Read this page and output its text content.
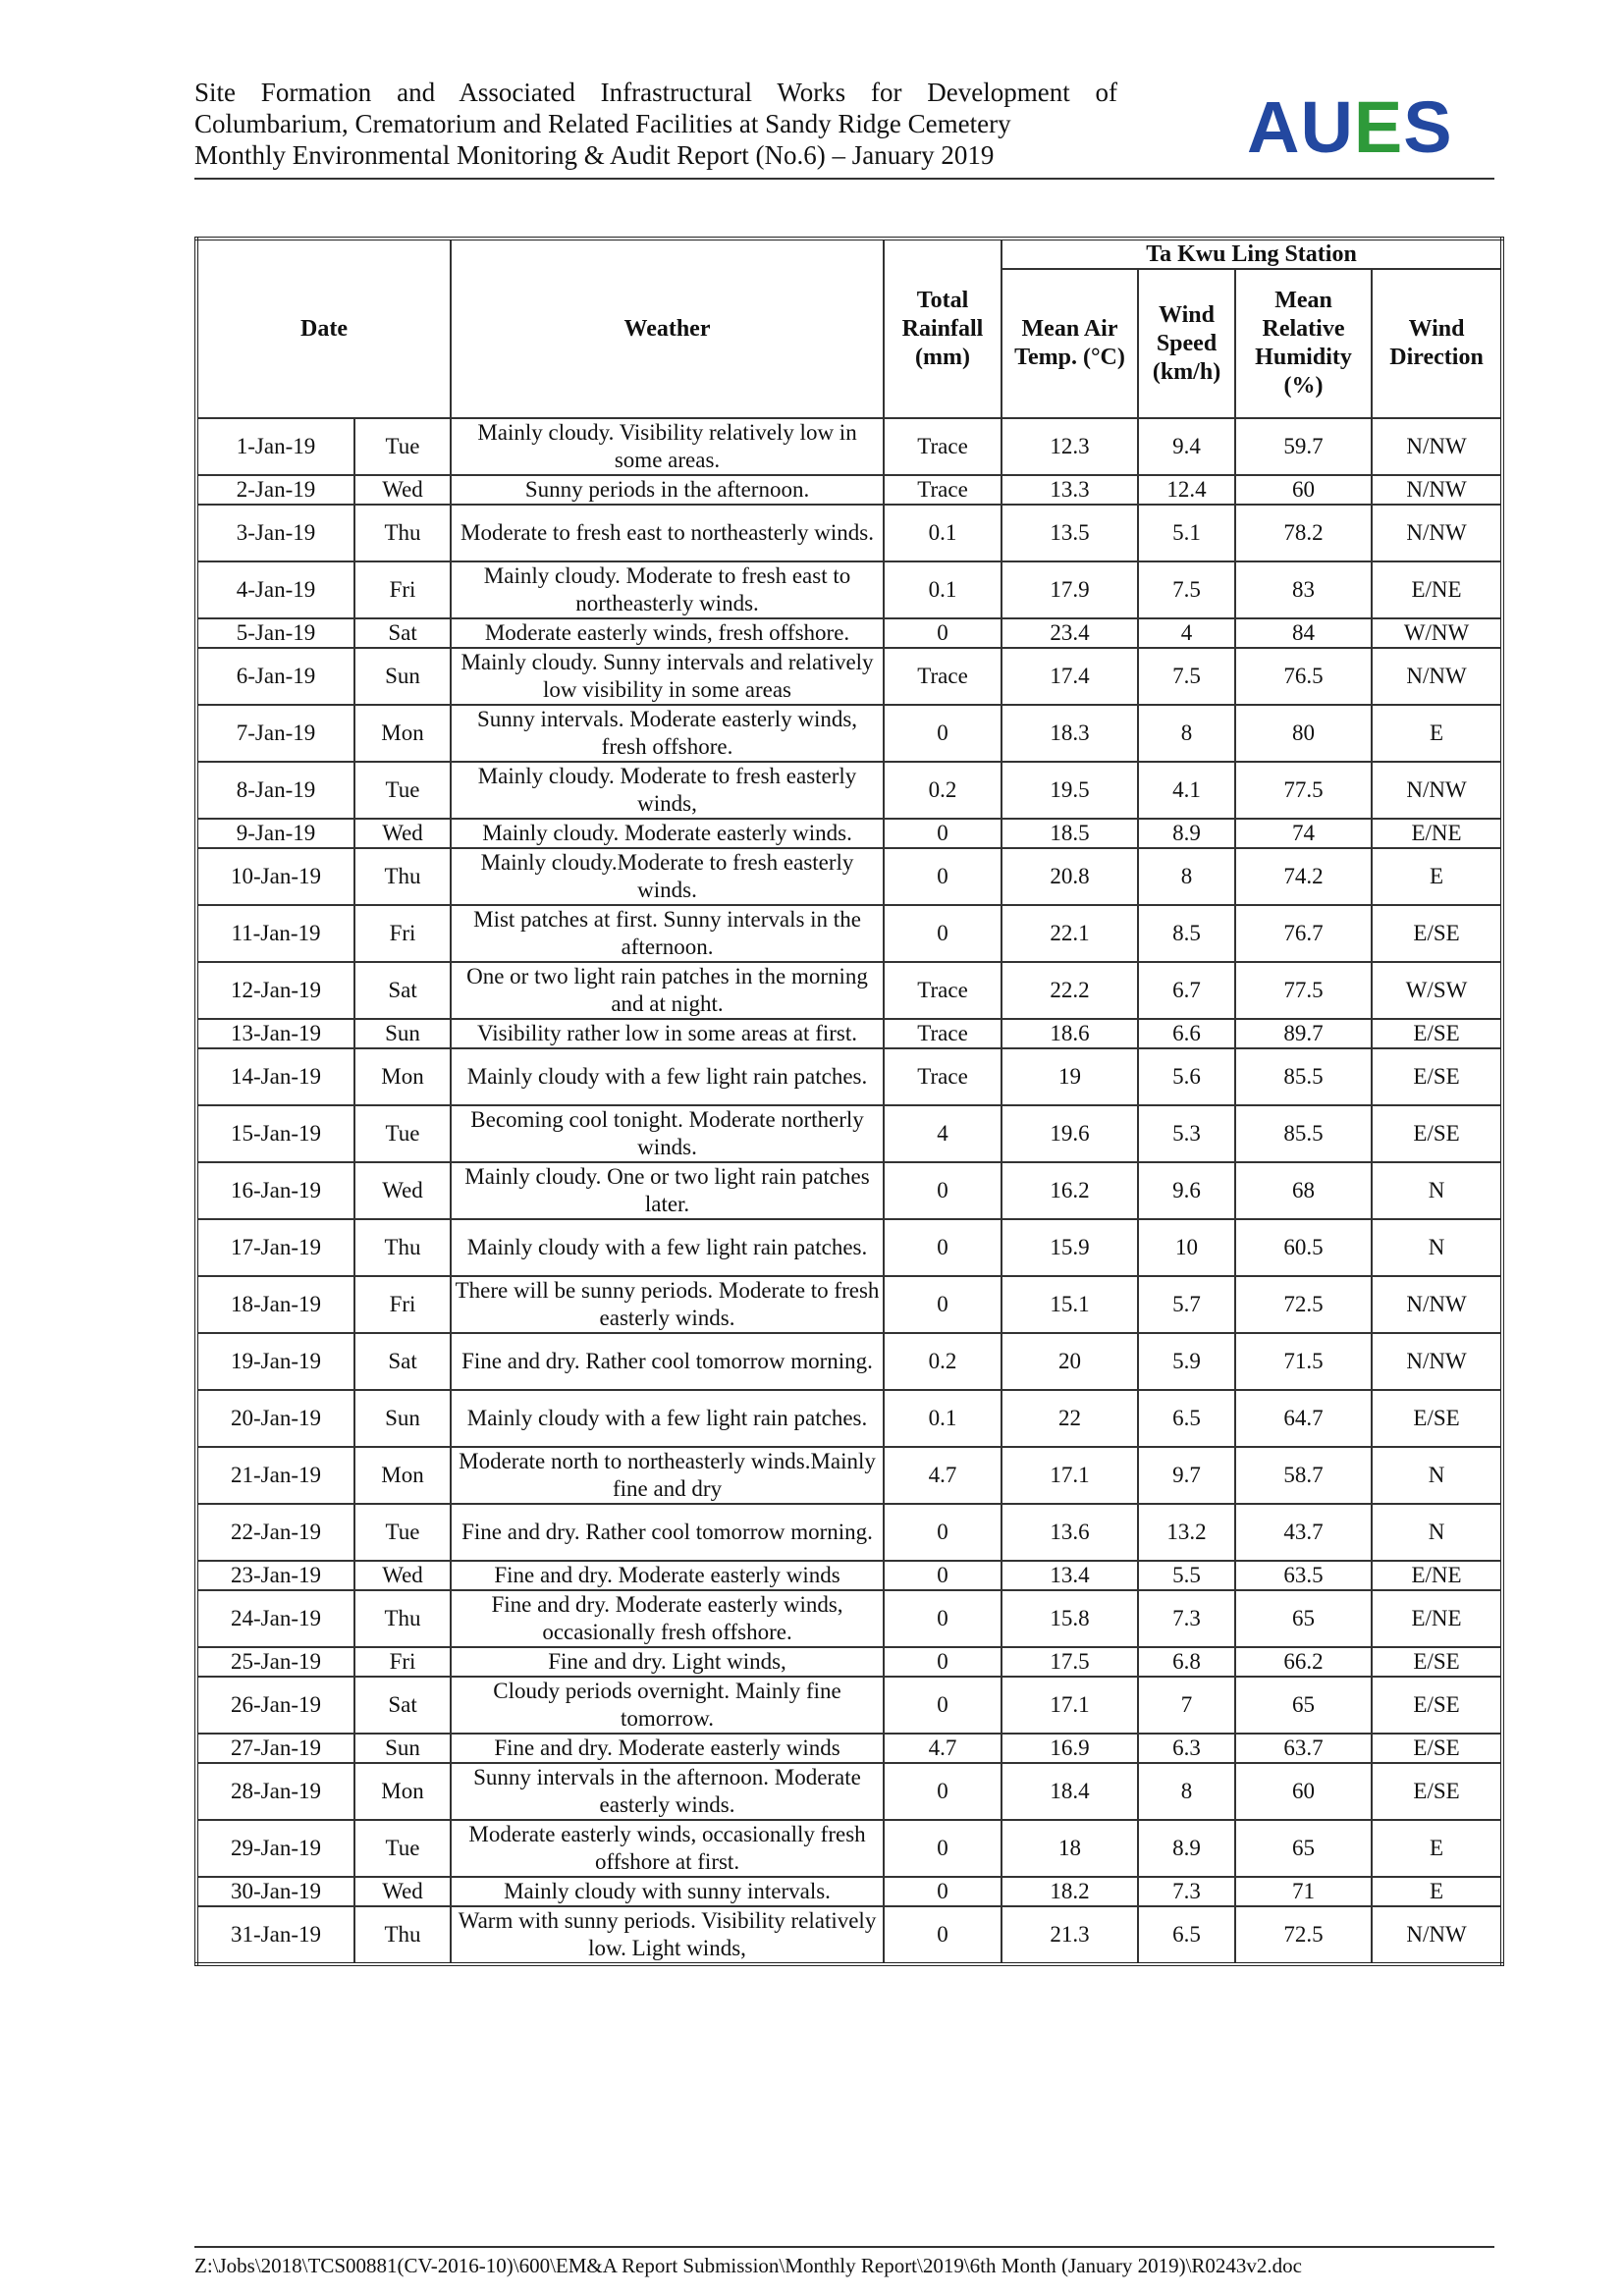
Site Formation and Associated Infrastructural Works for Development of
Columbarium, Crematorium and Related Facilities at Sandy Ridge Cemetery
Monthly Environmental Monitoring & Audit Report (No.6) – January 2019	AUES
Date		Weather	Total Rainfall (mm)	Ta Kwu Ling Station			
				Mean Air Temp. (°C)	Wind Speed (km/h)	Mean Relative Humidity (%)	Wind Direction
1-Jan-19	Tue	Mainly cloudy. Visibility relatively low in some areas.	Trace	12.3	9.4	59.7	N/NW
2-Jan-19	Wed	Sunny periods in the afternoon.	Trace	13.3	12.4	60	N/NW
3-Jan-19	Thu	Moderate to fresh east to northeasterly winds.	0.1	13.5	5.1	78.2	N/NW
4-Jan-19	Fri	Mainly cloudy. Moderate to fresh east to northeasterly winds.	0.1	17.9	7.5	83	E/NE
5-Jan-19	Sat	Moderate easterly winds, fresh offshore.	0	23.4	4	84	W/NW
6-Jan-19	Sun	Mainly cloudy. Sunny intervals and relatively low visibility in some areas	Trace	17.4	7.5	76.5	N/NW
7-Jan-19	Mon	Sunny intervals. Moderate easterly winds, fresh offshore.	0	18.3	8	80	E
8-Jan-19	Tue	Mainly cloudy. Moderate to fresh easterly winds,	0.2	19.5	4.1	77.5	N/NW
9-Jan-19	Wed	Mainly cloudy. Moderate easterly winds.	0	18.5	8.9	74	E/NE
10-Jan-19	Thu	Mainly cloudy.Moderate to fresh easterly winds.	0	20.8	8	74.2	E
11-Jan-19	Fri	Mist patches at first. Sunny intervals in the afternoon.	0	22.1	8.5	76.7	E/SE
12-Jan-19	Sat	One or two light rain patches in the morning and at night.	Trace	22.2	6.7	77.5	W/SW
13-Jan-19	Sun	Visibility rather low in some areas at first.	Trace	18.6	6.6	89.7	E/SE
14-Jan-19	Mon	Mainly cloudy with a few light rain patches.	Trace	19	5.6	85.5	E/SE
15-Jan-19	Tue	Becoming cool tonight. Moderate northerly winds.	4	19.6	5.3	85.5	E/SE
16-Jan-19	Wed	Mainly cloudy. One or two light rain patches later.	0	16.2	9.6	68	N
17-Jan-19	Thu	Mainly cloudy with a few light rain patches.	0	15.9	10	60.5	N
18-Jan-19	Fri	There will be sunny periods. Moderate to fresh easterly winds.	0	15.1	5.7	72.5	N/NW
19-Jan-19	Sat	Fine and dry. Rather cool tomorrow morning.	0.2	20	5.9	71.5	N/NW
20-Jan-19	Sun	Mainly cloudy with a few light rain patches.	0.1	22	6.5	64.7	E/SE
21-Jan-19	Mon	Moderate north to northeasterly winds.Mainly fine and dry	4.7	17.1	9.7	58.7	N
22-Jan-19	Tue	Fine and dry. Rather cool tomorrow morning.	0	13.6	13.2	43.7	N
23-Jan-19	Wed	Fine and dry. Moderate easterly winds	0	13.4	5.5	63.5	E/NE
24-Jan-19	Thu	Fine and dry. Moderate easterly winds, occasionally fresh offshore.	0	15.8	7.3	65	E/NE
25-Jan-19	Fri	Fine and dry. Light winds,	0	17.5	6.8	66.2	E/SE
26-Jan-19	Sat	Cloudy periods overnight. Mainly fine tomorrow.	0	17.1	7	65	E/SE
27-Jan-19	Sun	Fine and dry. Moderate easterly winds	4.7	16.9	6.3	63.7	E/SE
28-Jan-19	Mon	Sunny intervals in the afternoon. Moderate easterly winds.	0	18.4	8	60	E/SE
29-Jan-19	Tue	Moderate easterly winds, occasionally fresh offshore at first.	0	18	8.9	65	E
30-Jan-19	Wed	Mainly cloudy with sunny intervals.	0	18.2	7.3	71	E
31-Jan-19	Thu	Warm with sunny periods. Visibility relatively low. Light winds,	0	21.3	6.5	72.5	N/NW
Z:\Jobs\2018\TCS00881(CV-2016-10)\600\EM&A Report Submission\Monthly Report\2019\6th Month (January 2019)\R0243v2.doc
